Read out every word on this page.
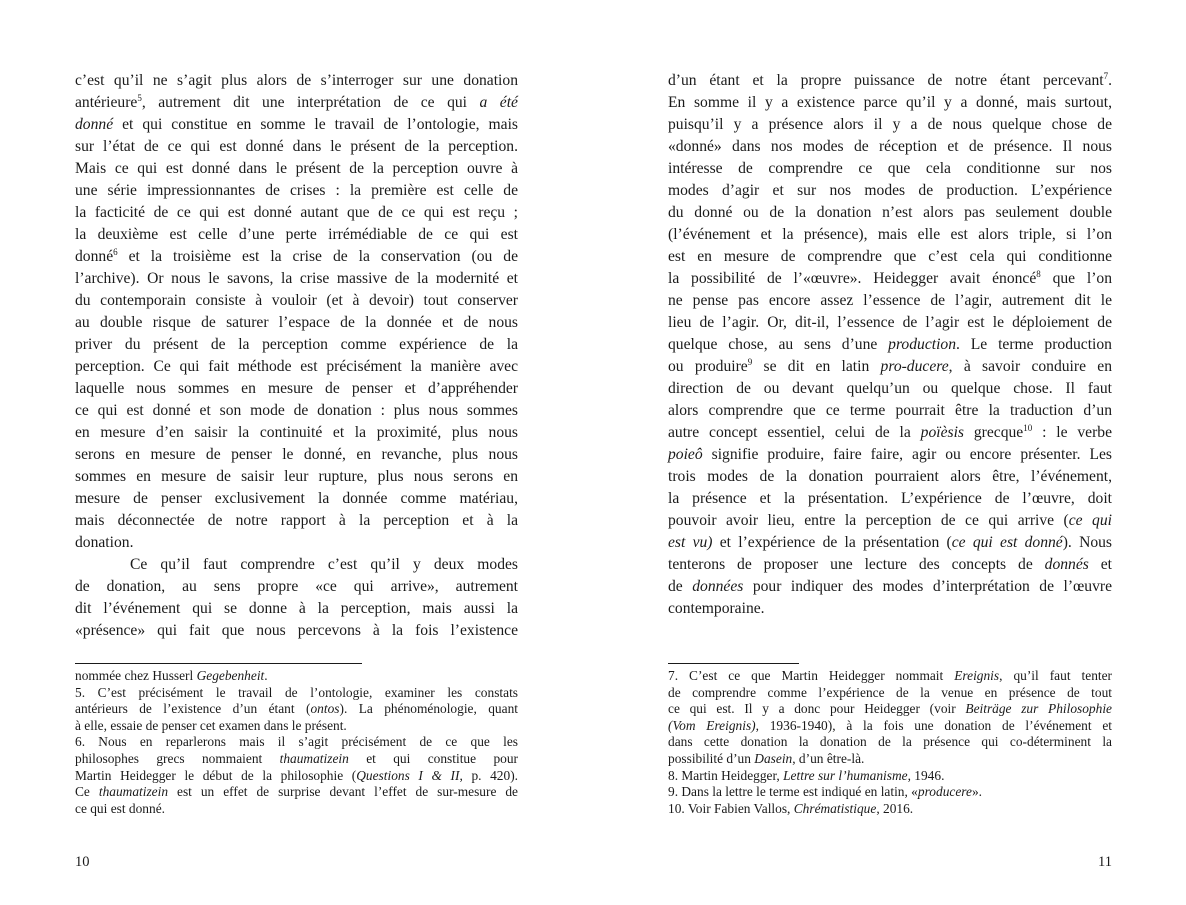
c’est qu’il ne s’agit plus alors de s’interroger sur une donation
antérieure$^5$, autrement dit une interprétation de ce qui a été
donné et qui constitue en somme le travail de l’ontologie, mais
sur l’état de ce qui est donné dans le présent de la perception.
Mais ce qui est donné dans le présent de la perception ouvre à
une série impressionnantes de crises : la première est celle de
la facticité de ce qui est donné autant que de ce qui est reçu ;
la deuxième est celle d’une perte irrémédiable de ce qui est
donné$^6$ et la troisième est la crise de la conservation (ou de
l’archive). Or nous le savons, la crise massive de la modernité et
du contemporain consiste à vouloir (et à devoir) tout conserver
au double risque de saturer l’espace de la donnée et de nous
priver du présent de la perception comme expérience de la
perception. Ce qui fait méthode est précisément la manière avec
laquelle nous sommes en mesure de penser et d’appréhender
ce qui est donné et son mode de donation : plus nous sommes
en mesure d’en saisir la continuité et la proximité, plus nous
serons en mesure de penser le donné, en revanche, plus nous
sommes en mesure de saisir leur rupture, plus nous serons en
mesure de penser exclusivement la donnée comme matériau,
mais déconnectée de notre rapport à la perception et à la
donation.
Ce qu’il faut comprendre c’est qu’il y deux modes
de donation, au sens propre «ce qui arrive», autrement
dit l’événement qui se donne à la perception, mais aussi la
«présence» qui fait que nous percevons à la fois l’existence
nommée chez Husserl Gegebenheit.
5. C’est précisément le travail de l’ontologie, examiner les constats
antérieurs de l’existence d’un étant (ontos). La phénoménologie, quant
à elle, essaie de penser cet examen dans le présent.
6. Nous en reparlerons mais il s’agit précisément de ce que les
philosophes grecs nommaient thaumatizein et qui constitue pour
Martin Heidegger le début de la philosophie (Questions I & II, p. 420).
Ce thaumatizein est un effet de surprise devant l’effet de sur-mesure de
ce qui est donné.
10
d’un étant et la propre puissance de notre étant percevant$^7$.
En somme il y a existence parce qu’il y a donné, mais surtout,
puisqu’il y a présence alors il y a de nous quelque chose de
«donné» dans nos modes de réception et de présence. Il nous
intéresse de comprendre ce que cela conditionne sur nos
modes d’agir et sur nos modes de production. L’expérience
du donné ou de la donation n’est alors pas seulement double
(l’événement et la présence), mais elle est alors triple, si l’on
est en mesure de comprendre que c’est cela qui conditionne
la possibilité de l’«œuvre». Heidegger avait énoncé$^8$ que l’on
ne pense pas encore assez l’essence de l’agir, autrement dit le
lieu de l’agir. Or, dit-il, l’essence de l’agir est le déploiement de
quelque chose, au sens d’une production. Le terme production
ou produire$^9$ se dit en latin pro-ducere, à savoir conduire en
direction de ou devant quelqu’un ou quelque chose. Il faut
alors comprendre que ce terme pourrait être la traduction d’un
autre concept essentiel, celui de la poïèsis grecque$^{10}$ : le verbe
poieô signifie produire, faire faire, agir ou encore présenter. Les
trois modes de la donation pourraient alors être, l’événement,
la présence et la présentation. L’expérience de l’œuvre, doit
pouvoir avoir lieu, entre la perception de ce qui arrive (ce qui
est vu) et l’expérience de la présentation (ce qui est donné). Nous
tenterons de proposer une lecture des concepts de donnés et
de données pour indiquer des modes d’interprétation de l’œuvre
contemporaine.
7. C’est ce que Martin Heidegger nommait Ereignis, qu’il faut tenter
de comprendre comme l’expérience de la venue en présence de tout
ce qui est. Il y a donc pour Heidegger (voir Beiträge zur Philosophie
(Vom Ereignis), 1936-1940), à la fois une donation de l’événement et
dans cette donation la donation de la présence qui co-déterminent la
possibilité d’un Dasein, d’un être-là.
8. Martin Heidegger, Lettre sur l’humanisme, 1946.
9. Dans la lettre le terme est indiqué en latin, «producere».
10. Voir Fabien Vallos, Chrématistique, 2016.
11
